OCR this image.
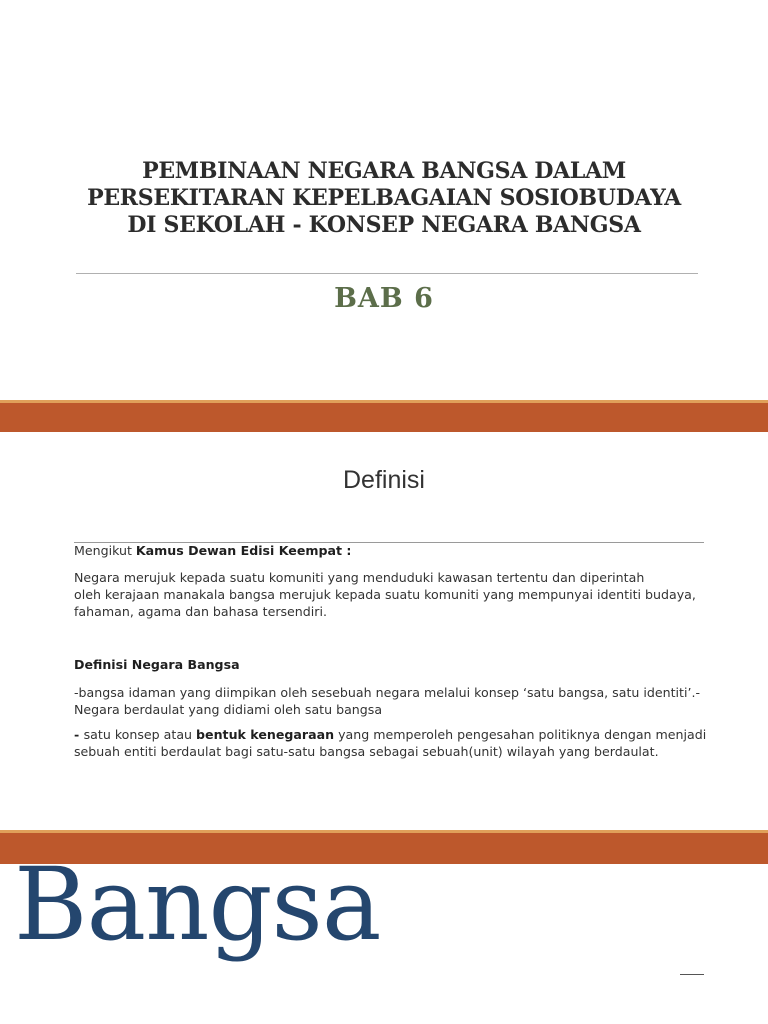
PEMBINAAN NEGARA BANGSA DALAM
PERSEKITARAN KEPELBAGAIAN SOSIOBUDAYA
DI SEKOLAH - KONSEP NEGARA BANGSA
BAB 6
Definisi
Mengikut Kamus Dewan Edisi Keempat :
Negara merujuk kepada suatu komuniti yang menduduki kawasan tertentu dan diperintah
oleh kerajaan manakala bangsa merujuk kepada suatu komuniti yang mempunyai identiti budaya,
fahaman, agama dan bahasa tersendiri.
Definisi Negara Bangsa
-bangsa idaman yang diimpikan oleh sesebuah negara melalui konsep ‘satu bangsa, satu identiti’.-
Negara berdaulat yang didiami oleh satu bangsa
- satu konsep atau bentuk kenegaraan yang memperoleh pengesahan politiknya dengan menjadi
sebuah entiti berdaulat bagi satu-satu bangsa sebagai sebuah(unit) wilayah yang berdaulat.
Bangsa
